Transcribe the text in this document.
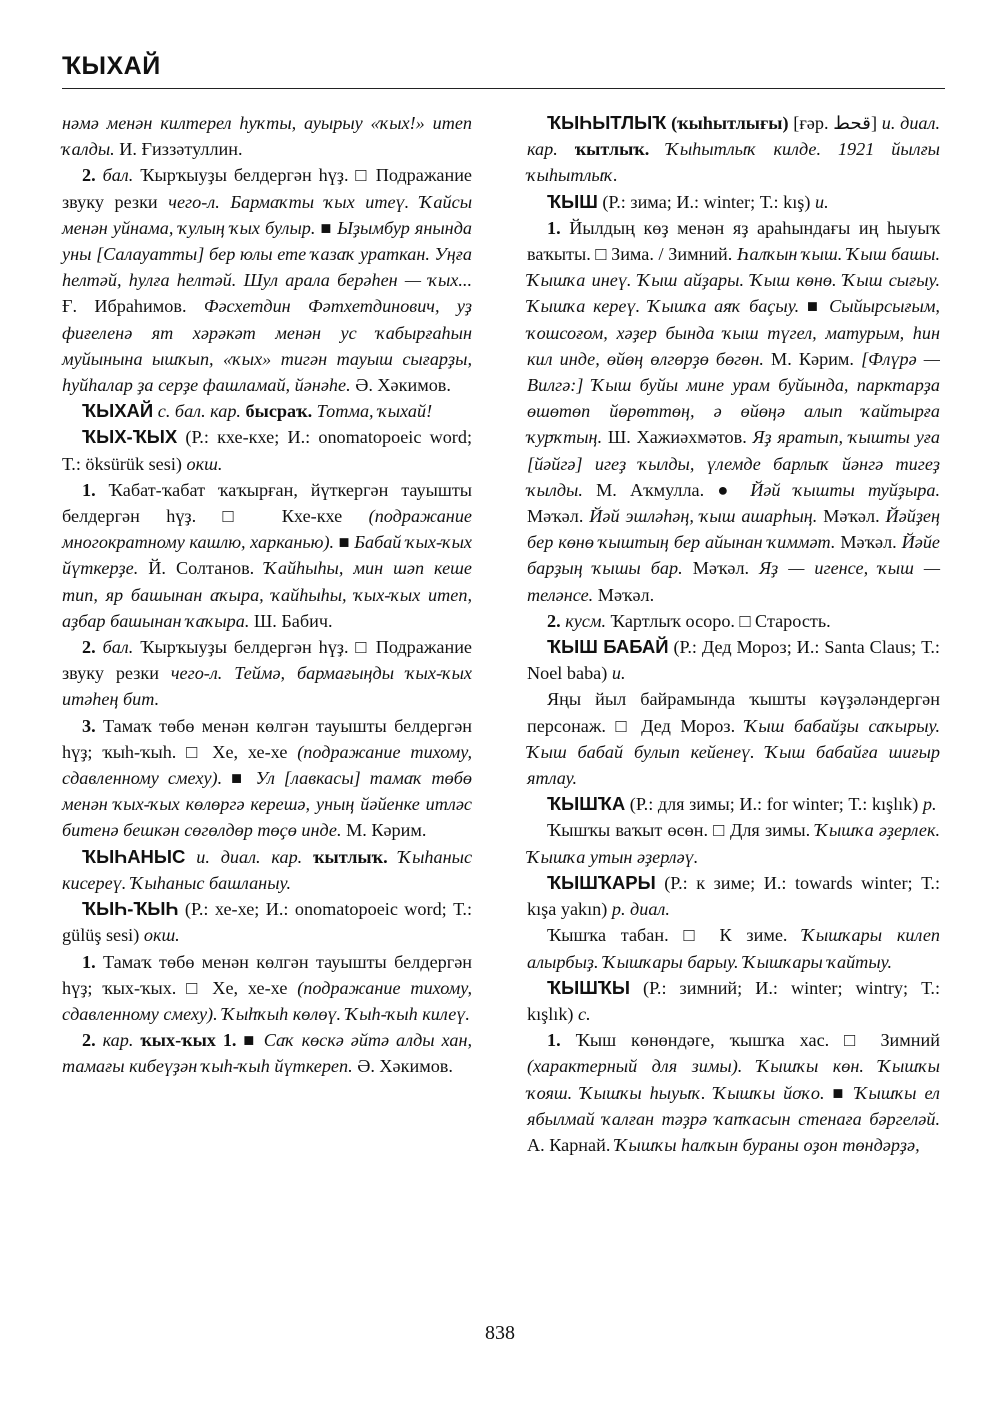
ҠЫХАЙ

нәмә менән килтерел һуҡты, ауырыу «ҡых!» итеп ҡалды. И. Ғиззәтуллин.

2. бал. Ҡырҡыуҙы белдергән һүҙ. □ Подражание звуку резки чего-л. Бармаҡты ҡых итеү. Ҡайсы менән уйнама, ҡулың ҡых булыр. ■ Ыҙымбур янында уны [Салауатты] бер юлы ете ҡазаҡ ураткан. Уңға һелтәй, һулға һелтәй. Шул арала берәһен — ҡых... Ғ. Ибраһимов. Фәсхетдин Фәтхетдинович, уҙ фиғеленә ят хәрәкәт менән ус ҡабырғаһын муйынына ышҡып, «ҡых» тигән тауыш сығарҙы, һуйһалар ҙа серҙе фашламай, йәнәһе. Ә. Хәкимов.

ҠЫХАЙ с. бал. кар. бысраҡ. Тотма, ҡыхай!

ҠЫХ-ҠЫХ (Р.: кхе-кхе; И.: onomatopoeic word; Т.: öksürük sesi) окш.

1. Ҡабат-ҡабат ҡаҡырған, йүткергән тауышты белдергән һүҙ. □ Кхе-кхе (подражание многократному кашлю, харканью). ■ Бабай ҡых-ҡых йүткерҙе. Й. Солтанов. Ҡайһыһы, мин шәп кеше тип, яр башынан аҡыра, ҡайһыһы, ҡых-ҡых итеп, аҙбар башынан ҡаҡыра. Ш. Бабич.

2. бал. Ҡырҡыуҙы белдергән һүҙ. □ Подражание звуку резки чего-л. Теймә, бармағыңды ҡых-ҡых итәһең бит.

3. Тамаҡ төбө менән көлгән тауышты белдергән һүҙ; ҡыһ-ҡыһ. □ Хе, хе-хе (подражание тихому, сдавленному смеху). ■ Ул [лавкасы] тамаҡ төбө менән ҡых-ҡых көлөргә керешә, уның йәйенке итләс битенә бешкән сөгөлдөр төҫө инде. М. Кәрим.

ҠЫҺАНЫС и. диал. кар. ҡытлыҡ. Ҡыһаныс кисереү. Ҡыһаныс башланыу.

ҠЫҺ-ҠЫҺ (Р.: хе-хе; И.: onomatopoeic word; Т.: gülüş sesi) окш.

1. Тамаҡ төбө менән көлгән тауышты белдергән һүҙ; ҡых-ҡых. □ Хе, хе-хе (подражание тихому, сдавленному смеху). Ҡыһҡыһ көлөү. Ҡыһ-ҡыһ килеү.

2. кар. ҡых-ҡых 1. ■ Саҡ көскә әйтә алды хан, тамағы кибеүҙән ҡыһ-ҡыһ йүткереп. Ә. Хәкимов.

ҠЫҺЫТЛЫҠ (ҡыһытлығы) [ғәр. قحط] и. диал. кар. ҡытлыҡ. Ҡыһытлыҡ килде. 1921 йылғы ҡыһытлыҡ.

ҠЫШ (Р.: зима; И.: winter; Т.: kış) и.

1. Йылдың көҙ менән яҙ араһындағы иң һыуыҡ ваҡыты. □ Зима. / Зимний. Һалҡын ҡыш. Ҡыш башы. Ҡышҡа инеү. Ҡыш айҙары. Ҡыш көнө. Ҡыш сығыу. Ҡышҡа кереү. Ҡышҡа аяҡ баҫыу. ■ Сыйырсығым, ҡошсоғом, хәҙер бында ҡыш түгел, матурым, һин кил инде, өйөң өлгөрҙө бөгөн. М. Кәрим. [Флүрә — Вилгә:] Ҡыш буйы мине урам буйында, парктарҙа өшөтөп йөрөттөң, ә өйөңә алып ҡайтырға ҡурҡтың. Ш. Хажиәхмәтов. Яҙ яратып, ҡышты уға [йәйгә] игеҙ ҡылды, үлемде барлыҡ йәнгә тигеҙ ҡылды. М. Аҡмулла. ● Йәй ҡышты туйҙыра. Мәҡәл. Йәй эшләһәң, ҡыш ашарһың. Мәҡәл. Йәйҙең бер көнө ҡыштың бер айынан ҡиммәт. Мәҡәл. Йәйе барҙың ҡышы бар. Мәҡәл. Яҙ — игенсе, ҡыш — теләнсе. Мәҡәл.

2. кусм. Ҡартлыҡ осоро. □ Старость.

ҠЫШ БАБАЙ (Р.: Дед Мороз; И.: Santa Claus; Т.: Noel baba) и.

Яңы йыл байрамында ҡышты кәүҙәләндергән персонаж. □ Дед Мороз. Ҡыш бабайҙы саҡырыу. Ҡыш бабай булып кейенеү. Ҡыш бабайға шиғыр ятлау.

ҠЫШҠА (Р.: для зимы; И.: for winter; Т.: kışlık) р.

Ҡышҡы ваҡыт өсөн. □ Для зимы. Ҡышҡа әҙерлек. Ҡышҡа утын әҙерләү.

ҠЫШҠАРЫ (Р.: к зиме; И.: towards winter; Т.: kışa yakın) р. диал.

Ҡышҡа табан. □ К зиме. Ҡышҡары килеп алырбыҙ. Ҡышҡары барыу. Ҡышҡары ҡайтыу.

ҠЫШҠЫ (Р.: зимний; И.: winter; wintry; Т.: kışlık) с.

1. Ҡыш көнөндәге, ҡышҡа хас. □ Зимний (характерный для зимы). Ҡышҡы көн. Ҡышҡы ҡояш. Ҡышҡы һыуыҡ. Ҡышҡы йоҡо. ■ Ҡышҡы ел ябылмай ҡалған тәҙрә ҡапҡасын стенаға бәргеләй. А. Карнай. Ҡышҡы һалҡын бураны оҙон төндәрҙә,

838
